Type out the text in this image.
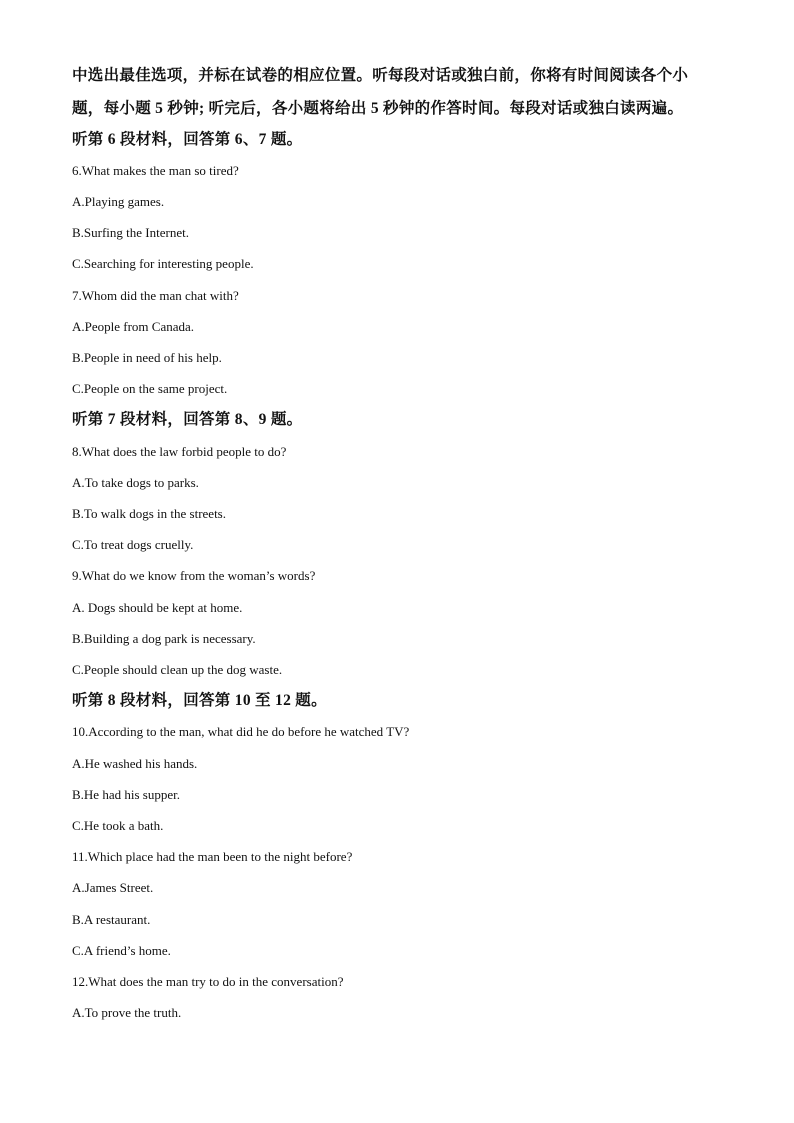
中选出最佳选项，并标在试卷的相应位置。听每段对话或独白前，你将有时间阅读各个小
题，每小题 5 秒钟; 听完后，各小题将给出 5 秒钟的作答时间。每段对话或独白读两遍。
听第 6 段材料，回答第 6、7 题。
6.What makes the man so tired?
A.Playing games.
B.Surfing the Internet.
C.Searching for interesting people.
7.Whom did the man chat with?
A.People from Canada.
B.People in need of his help.
C.People on the same project.
听第 7 段材料，回答第 8、9 题。
8.What does the law forbid people to do?
A.To take dogs to parks.
B.To walk dogs in the streets.
C.To treat dogs cruelly.
9.What do we know from the woman’s words?
A. Dogs should be kept at home.
B.Building a dog park is necessary.
C.People should clean up the dog waste.
听第 8 段材料，回答第 10 至 12 题。
10.According to the man, what did he do before he watched TV?
A.He washed his hands.
B.He had his supper.
C.He took a bath.
11.Which place had the man been to the night before?
A.James Street.
B.A restaurant.
C.A friend’s home.
12.What does the man try to do in the conversation?
A.To prove the truth.
